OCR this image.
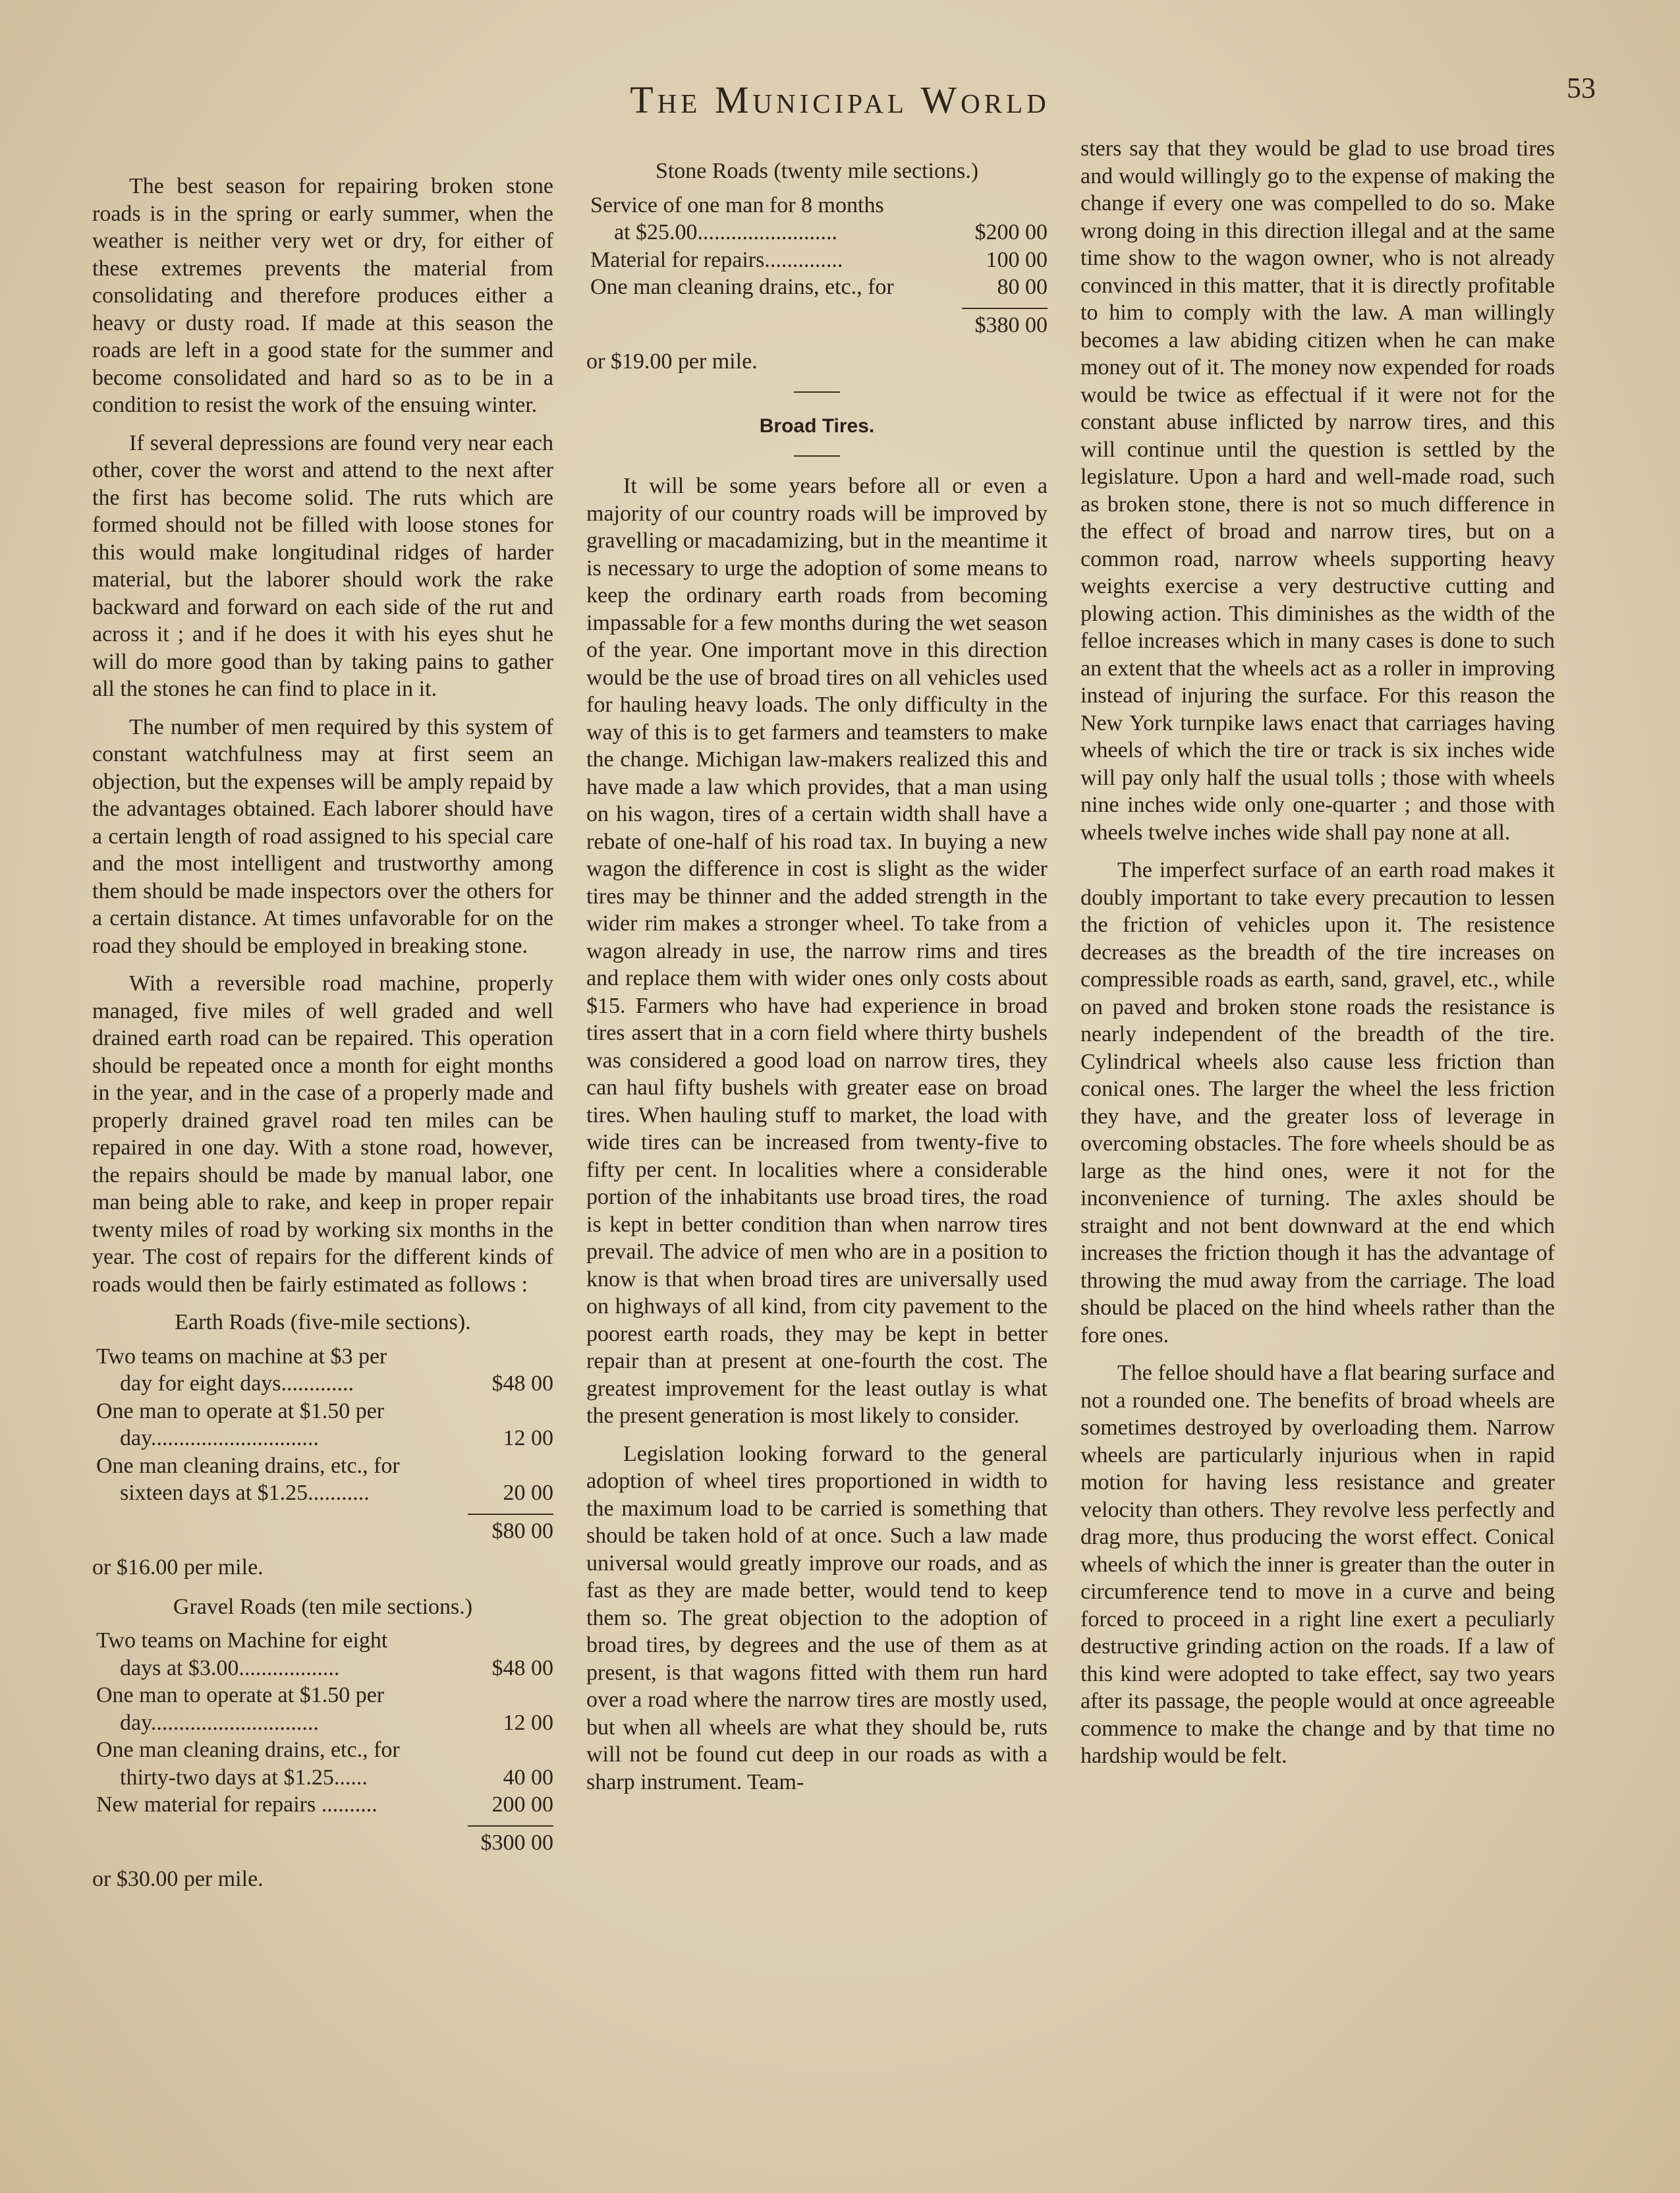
The Municipal World	53

The best season for repairing broken stone roads is in the spring or early summer, when the weather is neither very wet or dry, for either of these extremes prevents the material from consolidating and therefore produces either a heavy or dusty road. If made at this season the roads are left in a good state for the summer and become consolidated and hard so as to be in a condition to resist the work of the ensuing winter.

If several depressions are found very near each other, cover the worst and attend to the next after the first has become solid. The ruts which are formed should not be filled with loose stones for this would make longitudinal ridges of harder material, but the laborer should work the rake backward and forward on each side of the rut and across it ; and if he does it with his eyes shut he will do more good than by taking pains to gather all the stones he can find to place in it.

The number of men required by this system of constant watchfulness may at first seem an objection, but the expenses will be amply repaid by the advantages obtained. Each laborer should have a certain length of road assigned to his special care and the most intelligent and trustworthy among them should be made inspectors over the others for a certain distance. At times unfavorable for on the road they should be employed in breaking stone.

With a reversible road machine, properly managed, five miles of well graded and well drained earth road can be repaired. This operation should be repeated once a month for eight months in the year, and in the case of a properly made and properly drained gravel road ten miles can be repaired in one day. With a stone road, however, the repairs should be made by manual labor, one man being able to rake, and keep in proper repair twenty miles of road by working six months in the year. The cost of repairs for the different kinds of roads would then be fairly estimated as follows :

Earth Roads (five-mile sections).
Two teams on machine at $3 per
day for eight days.............	$48 00
One man to operate at $1.50 per
day..............................	12 00
One man cleaning drains, etc., for
sixteen days at $1.25...........	20 00
$80 00
or $16.00 per mile.
Gravel Roads (ten mile sections.)
Two teams on Machine for eight
days at $3.00..................	$48 00
One man to operate at $1.50 per
day..............................	12 00
One man cleaning drains, etc., for
thirty-two days at $1.25......	40 00
New material for repairs ..........	200 00
$300 00
or $30.00 per mile.
Stone Roads (twenty mile sections.)
Service of one man for 8 months
at $25.00.........................	$200 00
Material for repairs..............	100 00
One man cleaning drains, etc., for	80 00
$380 00
or $19.00 per mile.
Broad Tires.

It will be some years before all or even a majority of our country roads will be improved by gravelling or macadamizing, but in the meantime it is necessary to urge the adoption of some means to keep the ordinary earth roads from becoming impassable for a few months during the wet season of the year. One important move in this direction would be the use of broad tires on all vehicles used for hauling heavy loads. The only difficulty in the way of this is to get farmers and teamsters to make the change. Michigan law-makers realized this and have made a law which provides, that a man using on his wagon, tires of a certain width shall have a rebate of one-half of his road tax. In buying a new wagon the difference in cost is slight as the wider tires may be thinner and the added strength in the wider rim makes a stronger wheel. To take from a wagon already in use, the narrow rims and tires and replace them with wider ones only costs about $15. Farmers who have had experience in broad tires assert that in a corn field where thirty bushels was considered a good load on narrow tires, they can haul fifty bushels with greater ease on broad tires. When hauling stuff to market, the load with wide tires can be increased from twenty-five to fifty per cent. In localities where a considerable portion of the inhabitants use broad tires, the road is kept in better condition than when narrow tires prevail. The advice of men who are in a position to know is that when broad tires are universally used on highways of all kind, from city pavement to the poorest earth roads, they may be kept in better repair than at present at one-fourth the cost. The greatest improvement for the least outlay is what the present generation is most likely to consider.

Legislation looking forward to the general adoption of wheel tires proportioned in width to the maximum load to be carried is something that should be taken hold of at once. Such a law made universal would greatly improve our roads, and as fast as they are made better, would tend to keep them so. The great objection to the adoption of broad tires, by degrees and the use of them as at present, is that wagons fitted with them run hard over a road where the narrow tires are mostly used, but when all wheels are what they should be, ruts will not be found cut deep in our roads as with a sharp instrument. Team-

sters say that they would be glad to use broad tires and would willingly go to the expense of making the change if every one was compelled to do so. Make wrong doing in this direction illegal and at the same time show to the wagon owner, who is not already convinced in this matter, that it is directly profitable to him to comply with the law. A man willingly becomes a law abiding citizen when he can make money out of it. The money now expended for roads would be twice as effectual if it were not for the constant abuse inflicted by narrow tires, and this will continue until the question is settled by the legislature. Upon a hard and well-made road, such as broken stone, there is not so much difference in the effect of broad and narrow tires, but on a common road, narrow wheels supporting heavy weights exercise a very destructive cutting and plowing action. This diminishes as the width of the felloe increases which in many cases is done to such an extent that the wheels act as a roller in improving instead of injuring the surface. For this reason the New York turnpike laws enact that carriages having wheels of which the tire or track is six inches wide will pay only half the usual tolls ; those with wheels nine inches wide only one-quarter ; and those with wheels twelve inches wide shall pay none at all.

The imperfect surface of an earth road makes it doubly important to take every precaution to lessen the friction of vehicles upon it. The resistence decreases as the breadth of the tire increases on compressible roads as earth, sand, gravel, etc., while on paved and broken stone roads the resistance is nearly independent of the breadth of the tire. Cylindrical wheels also cause less friction than conical ones. The larger the wheel the less friction they have, and the greater loss of leverage in overcoming obstacles. The fore wheels should be as large as the hind ones, were it not for the inconvenience of turning. The axles should be straight and not bent downward at the end which increases the friction though it has the advantage of throwing the mud away from the carriage. The load should be placed on the hind wheels rather than the fore ones.

The felloe should have a flat bearing surface and not a rounded one. The benefits of broad wheels are sometimes destroyed by overloading them. Narrow wheels are particularly injurious when in rapid motion for having less resistance and greater velocity than others. They revolve less perfectly and drag more, thus producing the worst effect. Conical wheels of which the inner is greater than the outer in circumference tend to move in a curve and being forced to proceed in a right line exert a peculiarly destructive grinding action on the roads. If a law of this kind were adopted to take effect, say two years after its passage, the people would at once agreeable commence to make the change and by that time no hardship would be felt.
